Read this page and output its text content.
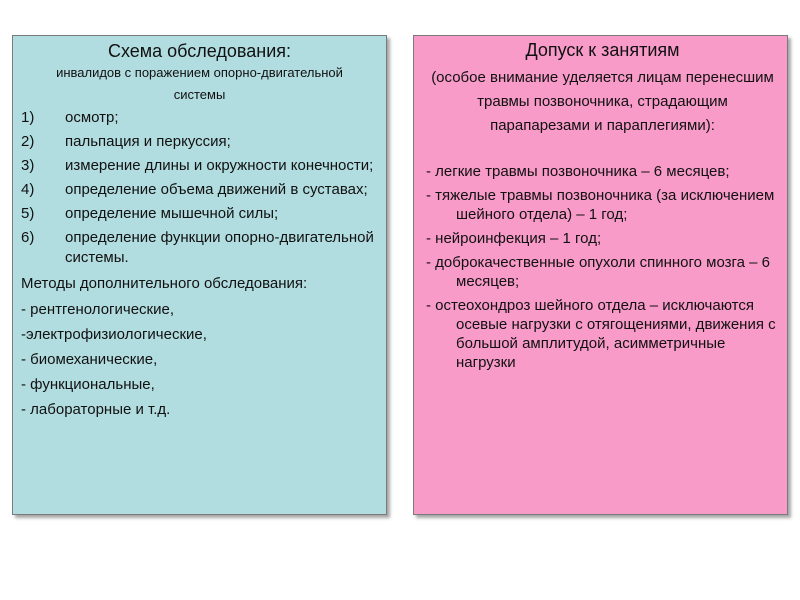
Схема обследования:
инвалидов с поражением опорно-двигательной
системы
1)	осмотр;
2)	пальпация и перкуссия;
3)	измерение длины и окружности конечности;
4)	определение объема движений в суставах;
5)	определение мышечной силы;
6)	определение функции опорно-двигательной системы.
Методы дополнительного обследования:
- рентгенологические,
-электрофизиологические,
- биомеханические,
- функциональные,
- лабораторные и т.д.
Допуск к занятиям
(особое внимание уделяется лицам перенесшим травмы позвоночника, страдающим парапарезами и параплегиями):
- легкие травмы позвоночника – 6 месяцев;
- тяжелые травмы позвоночника (за исключением шейного отдела) – 1 год;
- нейроинфекция – 1 год;
- доброкачественные опухоли спинного мозга – 6 месяцев;
- остеохондроз шейного отдела – исключаются осевые нагрузки с отягощениями, движения с большой амплитудой, асимметричные нагрузки
